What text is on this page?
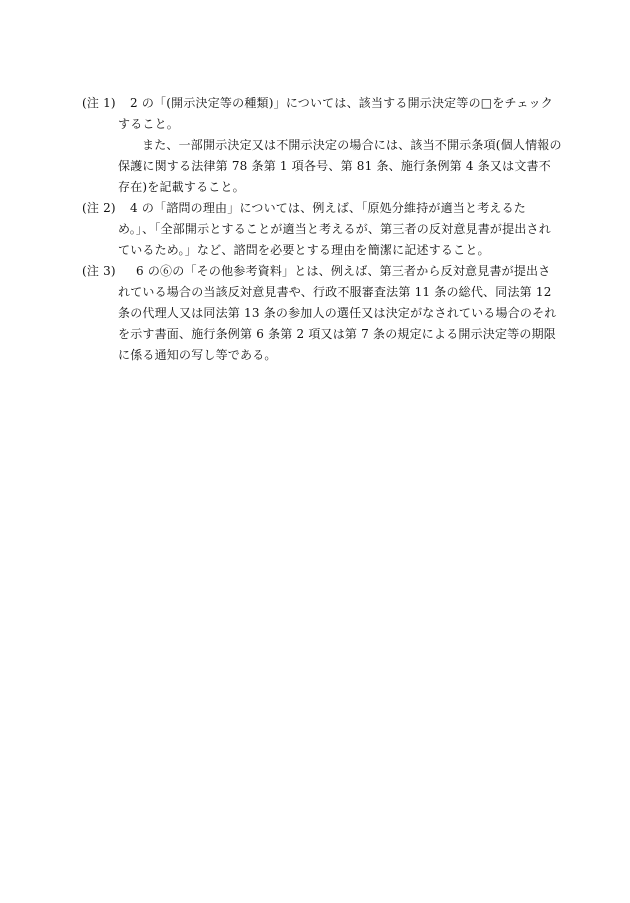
(注 1)	2 の「(開示決定等の種類)」については、該当する開示決定等の□をチェックすること。
また、一部開示決定又は不開示決定の場合には、該当不開示条項(個人情報の保護に関する法律第 78 条第 1 項各号、第 81 条、施行条例第 4 条又は文書不存在)を記載すること。
(注 2)	4 の「諮問の理由」については、例えば、「原処分維持が適当と考えるため。」、「全部開示とすることが適当と考えるが、第三者の反対意見書が提出されているため。」など、諮問を必要とする理由を簡潔に記述すること。
(注 3)	6 の⑥の「その他参考資料」とは、例えば、第三者から反対意見書が提出されている場合の当該反対意見書や、行政不服審査法第 11 条の総代、同法第 12 条の代理人又は同法第 13 条の参加人の選任又は決定がなされている場合のそれを示す書面、施行条例第 6 条第 2 項又は第 7 条の規定による開示決定等の期限に係る通知の写し等である。
